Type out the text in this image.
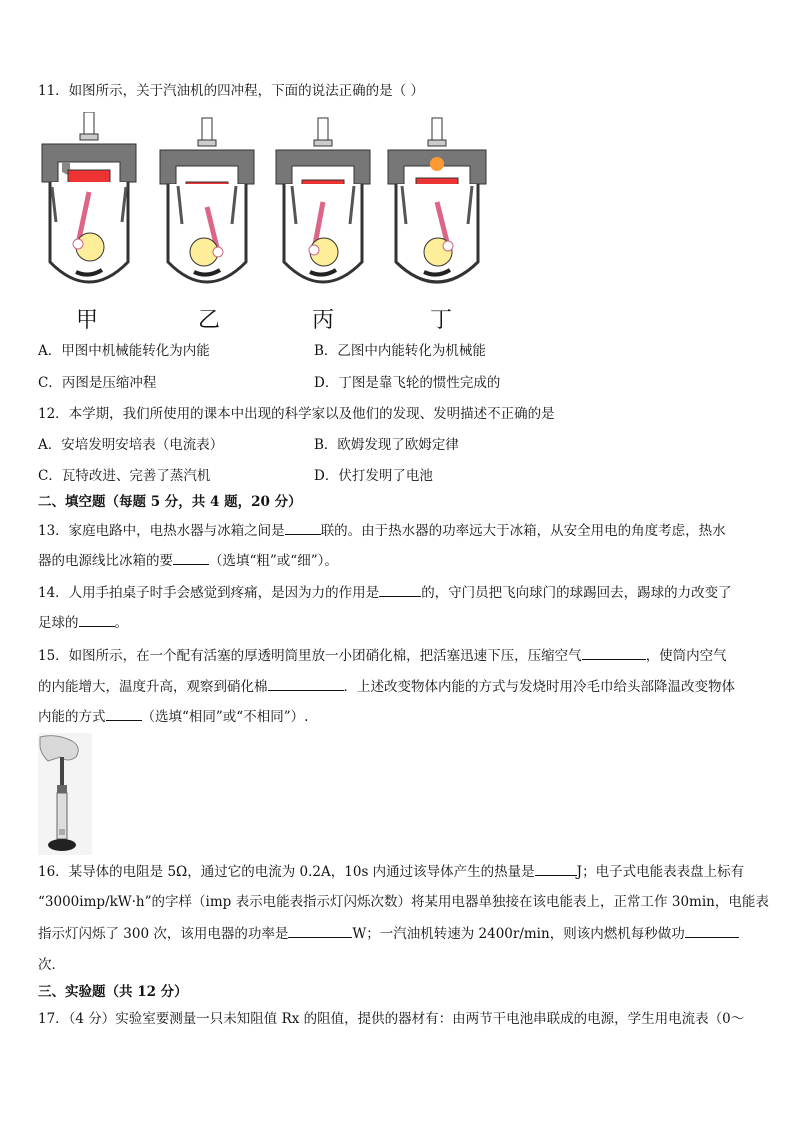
11．如图所示，关于汽油机的四冲程，下面的说法正确的是（ ）
甲	乙	丙	丁
A．甲图中机械能转化为内能	B．乙图中内能转化为机械能
C．丙图是压缩冲程	D．丁图是靠飞轮的惯性完成的
12．本学期，我们所使用的课本中出现的科学家以及他们的发现、发明描述不正确的是
A．安培发明安培表（电流表）	B．欧姆发现了欧姆定律
C．瓦特改进、完善了蒸汽机	D．伏打发明了电池
二、填空题（每题 5 分，共 4 题，20 分）
13．家庭电路中，电热水器与冰箱之间是	联的。由于热水器的功率远大于冰箱，从安全用电的角度考虑，热水
器的电源线比冰箱的要	（选填“粗”或“细”）。
14．人用手拍桌子时手会感觉到疼痛，是因为力的作用是	的，守门员把飞向球门的球踢回去，踢球的力改变了
足球的	。
15．如图所示，在一个配有活塞的厚透明筒里放一小团硝化棉，把活塞迅速下压，压缩空气	，使筒内空气
的内能增大，温度升高，观察到硝化棉	．上述改变物体内能的方式与发烧时用冷毛巾给头部降温改变物体
内能的方式	（选填“相同”或“不相同”）.
16．某导体的电阻是 5Ω，通过它的电流为 0.2A，10s 内通过该导体产生的热量是	J；电子式电能表表盘上标有
“3000imp/kW·h”的字样（imp 表示电能表指示灯闪烁次数）将某用电器单独接在该电能表上，正常工作 30min，电能表
指示灯闪烁了 300 次，该用电器的功率是	W；一汽油机转速为 2400r/min，则该内燃机每秒做功
次．
三、实验题（共 12 分）
17．（4 分）实验室要测量一只未知阻值 Rx 的阻值，提供的器材有：由两节干电池串联成的电源，学生用电流表（0～
